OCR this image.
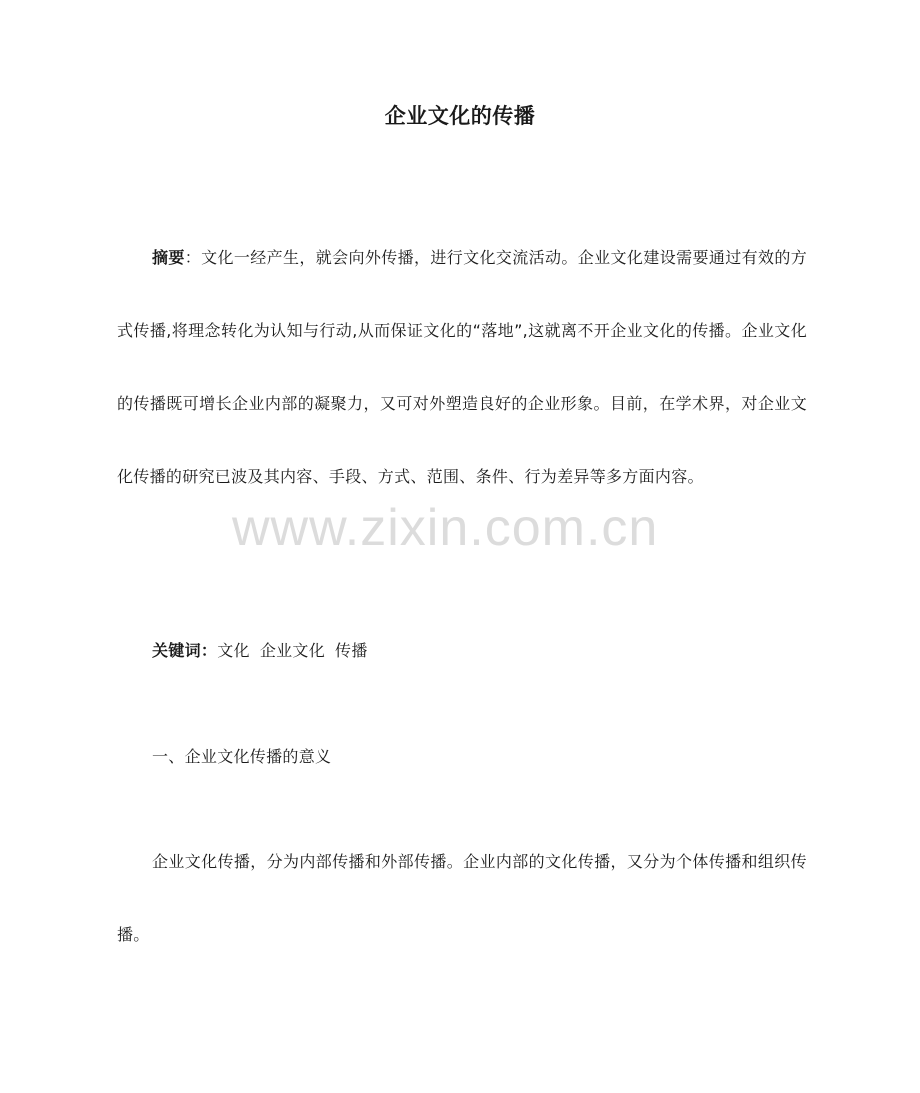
企业文化的传播

摘要：文化一经产生，就会向外传播，进行文化交流活动。企业文化建设需要通过有效的方式传播,将理念转化为认知与行动,从而保证文化的“落地”,这就离不开企业文化的传播。企业文化的传播既可增长企业内部的凝聚力，又可对外塑造良好的企业形象。目前，在学术界，对企业文化传播的研究已波及其内容、手段、方式、范围、条件、行为差异等多方面内容。

关键词：文化 企业文化 传播

一、企业文化传播的意义

企业文化传播，分为内部传播和外部传播。企业内部的文化传播，又分为个体传播和组织传播。

www.zixin.com.cn
